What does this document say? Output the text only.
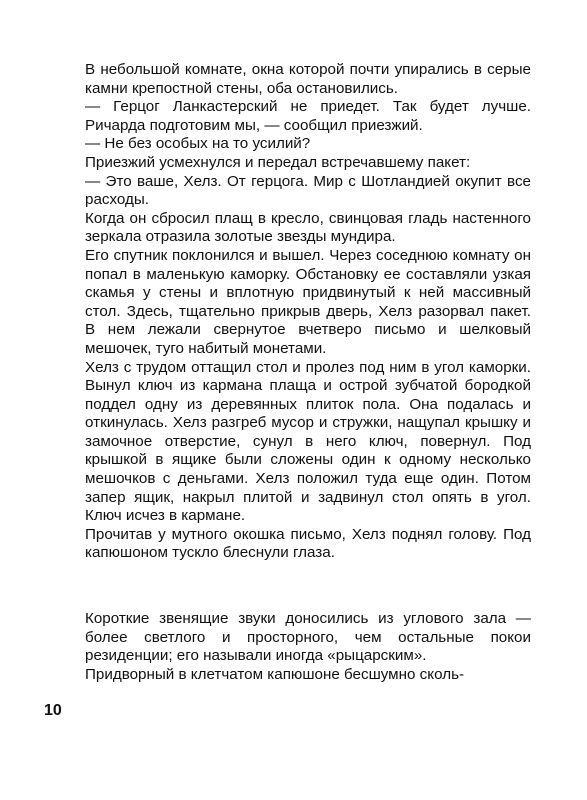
В небольшой комнате, окна которой почти упирались в серые камни крепостной стены, оба остановились.

— Герцог Ланкастерский не приедет. Так будет лучше. Ричарда подготовим мы, — сообщил приезжий.

— Не без особых на то усилий?

Приезжий усмехнулся и передал встречавшему пакет:

— Это ваше, Хелз. От герцога. Мир с Шотландией окупит все расходы.

Когда он сбросил плащ в кресло, свинцовая гладь настенного зеркала отразила золотые звезды мундира.

Его спутник поклонился и вышел. Через соседнюю комнату он попал в маленькую каморку. Обстановку ее составляли узкая скамья у стены и вплотную придвинутый к ней массивный стол. Здесь, тщательно прикрыв дверь, Хелз разорвал пакет. В нем лежали свернутое вчетверо письмо и шелковый мешочек, туго набитый монетами.

Хелз с трудом оттащил стол и пролез под ним в угол каморки. Вынул ключ из кармана плаща и острой зубчатой бородкой поддел одну из деревянных плиток пола. Она подалась и откинулась. Хелз разгреб мусор и стружки, нащупал крышку и замочное отверстие, сунул в него ключ, повернул. Под крышкой в ящике были сложены один к одному несколько мешочков с деньгами. Хелз положил туда еще один. Потом запер ящик, накрыл плитой и задвинул стол опять в угол. Ключ исчез в кармане.

Прочитав у мутного окошка письмо, Хелз поднял голову. Под капюшоном тускло блеснули глаза.

Короткие звенящие звуки доносились из углового зала — более светлого и просторного, чем остальные покои резиденции; его называли иногда «рыцарским».

Придворный в клетчатом капюшоне бесшумно сколь-

10
